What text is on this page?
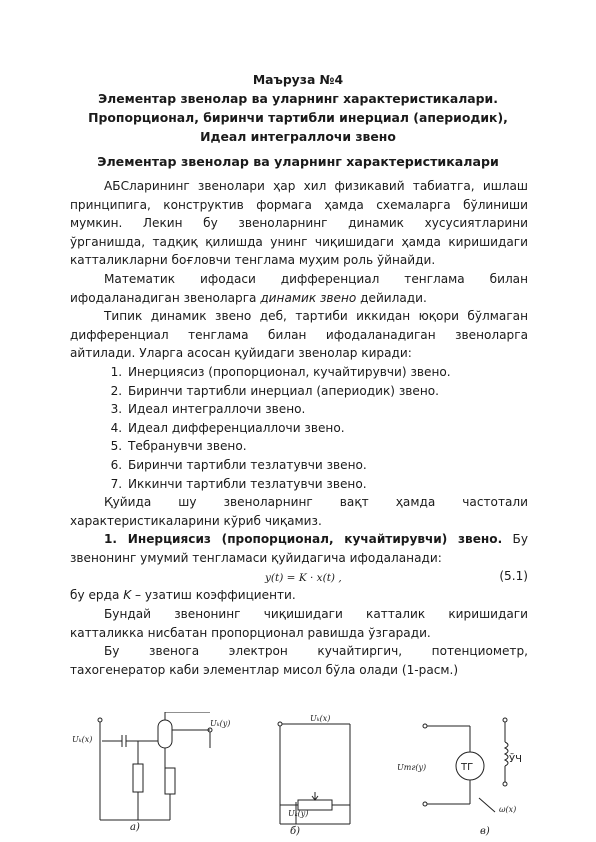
Маъруза №4
Элементар звенолар ва уларнинг характеристикалари.
Пропорционал, биринчи тартибли инерциал (апериодик),
Идеал интеграллочи звено
Элементар звенолар ва уларнинг характеристикалари

АБСларининг звенолари ҳар хил физикавий табиатга, ишлаш

принципига, конструктив формага ҳамда схемаларга бўлиниши

мумкин. Лекин бу звеноларнинг динамик хусусиятларини

ўрганишда, тадқиқ қилишда унинг чиқишидаги ҳамда киришидаги

катталикларни боғловчи тенглама муҳим роль ўйнайди.

Математик ифодаси дифференциал тенглама билан

ифодаланадиган звеноларга динамик звено дейилади.

Типик динамик звено деб, тартиби иккидан юқори бўлмаган

дифференциал тенглама билан ифодаланадиган звеноларга

айтилади. Уларга асосан қуйидаги звенолар киради:

1. Инерциясиз (пропорционал, кучайтирувчи) звено.
2. Биринчи тартибли инерциал (апериодик) звено.
3. Идеал интеграллочи звено.
4. Идеал дифференциаллочи звено.
5. Тебранувчи звено.
6. Биринчи тартибли тезлатувчи звено.
7. Иккинчи тартибли тезлатувчи звено.

Қуйида шу звеноларнинг вақт ҳамда частотали

характеристикаларини кўриб чиқамиз.

1. Инерциясиз (пропорционал, кучайтирувчи) звено. Бу

звенонинг умумий тенгламаси қуйидагича ифодаланади:

y(t) = K · x(t) ,	(5.1)

бу ерда K – узатиш коэффициенти.

Бундай звенонинг чиқишидаги катталик киришидаги

катталикка нисбатан пропорционал равишда ўзгаради.

Бу звенога электрон кучайтиргич, потенциометр,

тахогенератор каби элементлар мисол бўла олади (1-расм.)

Uₖ(x)
Uₖ(y)
а)
Uₖ(x)
Uₖ(y)
б)
ТГ
Uтг(y)
ЎЧ
ω(x)
в)
